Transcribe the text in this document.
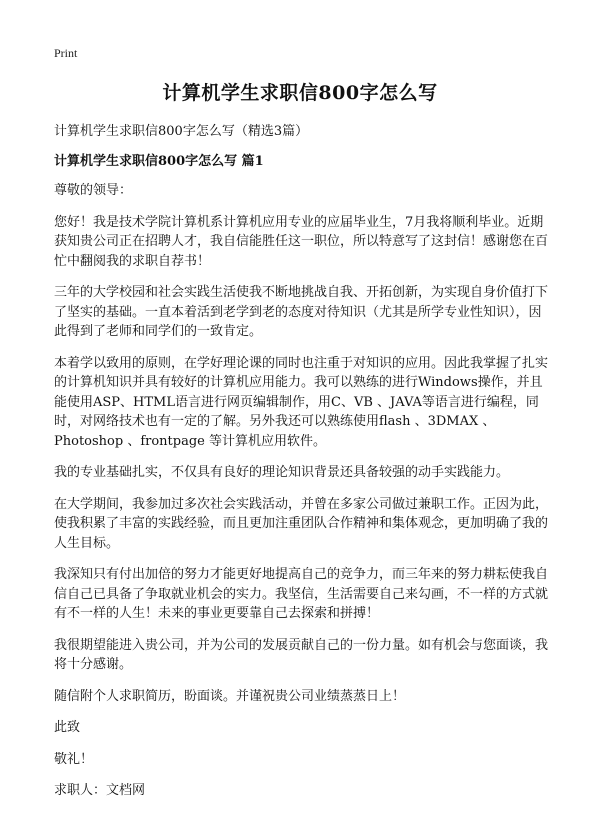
Print
计算机学生求职信800字怎么写
计算机学生求职信800字怎么写（精选3篇）
计算机学生求职信800字怎么写 篇1

尊敬的领导：

您好！我是技术学院计算机系计算机应用专业的应届毕业生，7月我将顺利毕业。近期获知贵公司正在招聘人才，我自信能胜任这一职位，所以特意写了这封信！感谢您在百忙中翻阅我的求职自荐书！

三年的大学校园和社会实践生活使我不断地挑战自我、开拓创新，为实现自身价值打下了坚实的基础。一直本着活到老学到老的态度对待知识（尤其是所学专业性知识），因此得到了老师和同学们的一致肯定。

本着学以致用的原则，在学好理论课的同时也注重于对知识的应用。因此我掌握了扎实的计算机知识并具有较好的计算机应用能力。我可以熟练的进行Windows操作，并且能使用ASP、HTML语言进行网页编辑制作，用C、VB 、JAVA等语言进行编程，同时，对网络技术也有一定的了解。另外我还可以熟练使用flash 、3DMAX 、Photoshop 、frontpage 等计算机应用软件。

我的专业基础扎实，不仅具有良好的理论知识背景还具备较强的动手实践能力。

在大学期间，我参加过多次社会实践活动，并曾在多家公司做过兼职工作。正因为此，使我积累了丰富的实践经验，而且更加注重团队合作精神和集体观念，更加明确了我的人生目标。

我深知只有付出加倍的努力才能更好地提高自己的竞争力，而三年来的努力耕耘使我自信自己已具备了争取就业机会的实力。我坚信，生活需要自己来勾画，不一样的方式就有不一样的人生！未来的事业更要靠自己去探索和拼搏！

我很期望能进入贵公司，并为公司的发展贡献自己的一份力量。如有机会与您面谈，我将十分感谢。

随信附个人求职简历，盼面谈。并谨祝贵公司业绩蒸蒸日上！

此致

敬礼！

求职人：文档网
